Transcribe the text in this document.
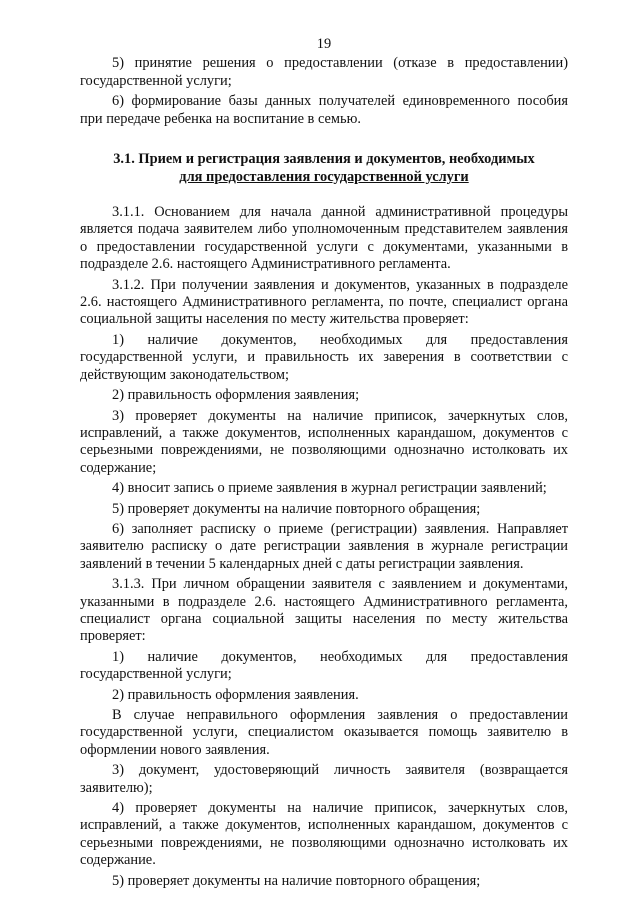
19

5) принятие решения о предоставлении (отказе в предоставлении) государственной услуги;

6) формирование базы данных получателей единовременного пособия при передаче ребенка на воспитание в семью.

3.1. Прием и регистрация заявления и документов, необходимых
для предоставления государственной услуги

3.1.1. Основанием для начала данной административной процедуры является подача заявителем либо уполномоченным представителем заявления о предоставлении государственной услуги с документами, указанными в подразделе 2.6. настоящего Административного регламента.

3.1.2. При получении заявления и документов, указанных в подразделе 2.6. настоящего Административного регламента, по почте, специалист органа социальной защиты населения по месту жительства проверяет:

1) наличие документов, необходимых для предоставления государственной услуги, и правильность их заверения в соответствии с действующим законодательством;

2) правильность оформления заявления;

3) проверяет документы на наличие приписок, зачеркнутых слов, исправлений, а также документов, исполненных карандашом, документов с серьезными повреждениями, не позволяющими однозначно истолковать их содержание;

4) вносит запись о приеме заявления в журнал регистрации заявлений;

5) проверяет документы на наличие повторного обращения;

6) заполняет расписку о приеме (регистрации) заявления. Направляет заявителю расписку о дате регистрации заявления в журнале регистрации заявлений в течении 5 календарных дней с даты регистрации заявления.

3.1.3. При личном обращении заявителя с заявлением и документами, указанными в подразделе 2.6. настоящего Административного регламента, специалист органа социальной защиты населения по месту жительства проверяет:

1) наличие документов, необходимых для предоставления государственной услуги;

2) правильность оформления заявления.

В случае неправильного оформления заявления о предоставлении государственной услуги, специалистом оказывается помощь заявителю в оформлении нового заявления.

3) документ, удостоверяющий личность заявителя (возвращается заявителю);

4) проверяет документы на наличие приписок, зачеркнутых слов, исправлений, а также документов, исполненных карандашом, документов с серьезными повреждениями, не позволяющими однозначно истолковать их содержание.

5) проверяет документы на наличие повторного обращения;
